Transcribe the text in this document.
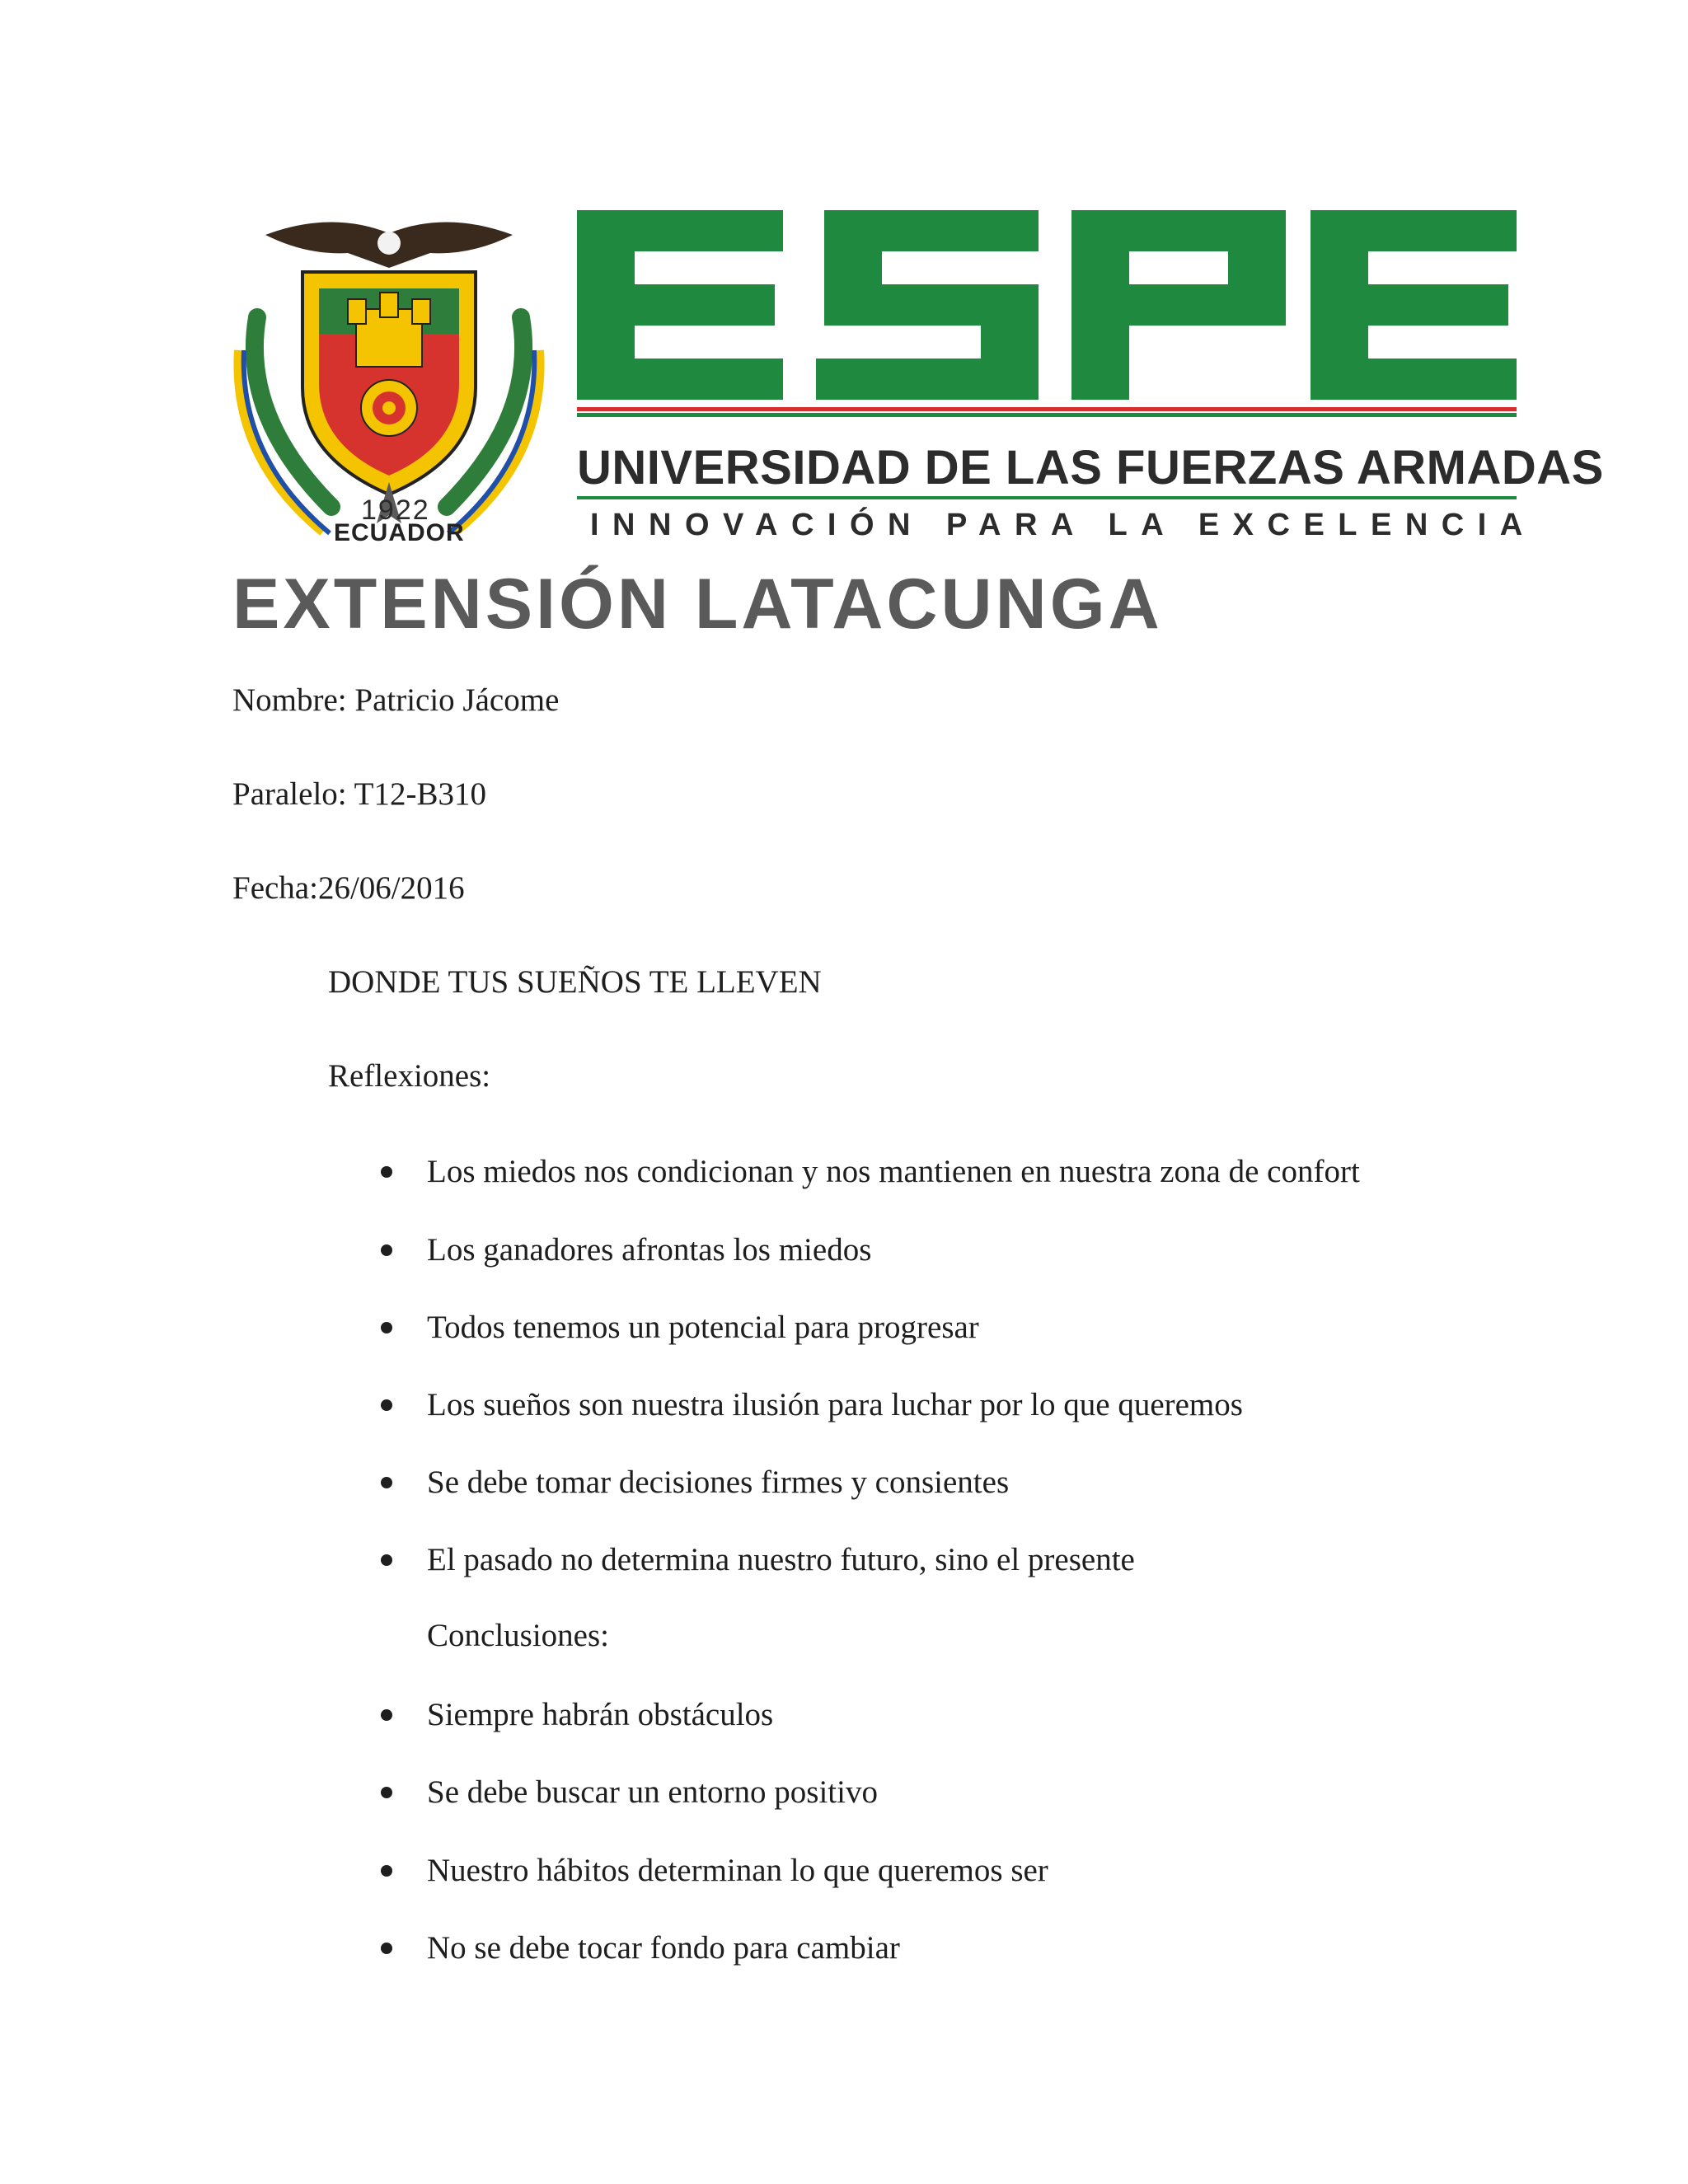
1922
ECUADOR
UNIVERSIDAD DE LAS FUERZAS ARMADAS
INNOVACIÓN PARA LA EXCELENCIA
EXTENSIÓN LATACUNGA
Nombre: Patricio Jácome
Paralelo: T12-B310
Fecha:26/06/2016
DONDE TUS SUEÑOS TE LLEVEN
Reflexiones:
Los miedos nos condicionan y nos mantienen en nuestra zona de confort
Los ganadores afrontas los miedos
Todos tenemos un potencial para progresar
Los sueños son nuestra ilusión para luchar por lo que queremos
Se debe tomar decisiones firmes y consientes
El pasado no determina nuestro futuro, sino el presente
Conclusiones:
Siempre habrán obstáculos
Se debe buscar un entorno positivo
Nuestro hábitos determinan lo que queremos ser
No se debe tocar fondo para cambiar
